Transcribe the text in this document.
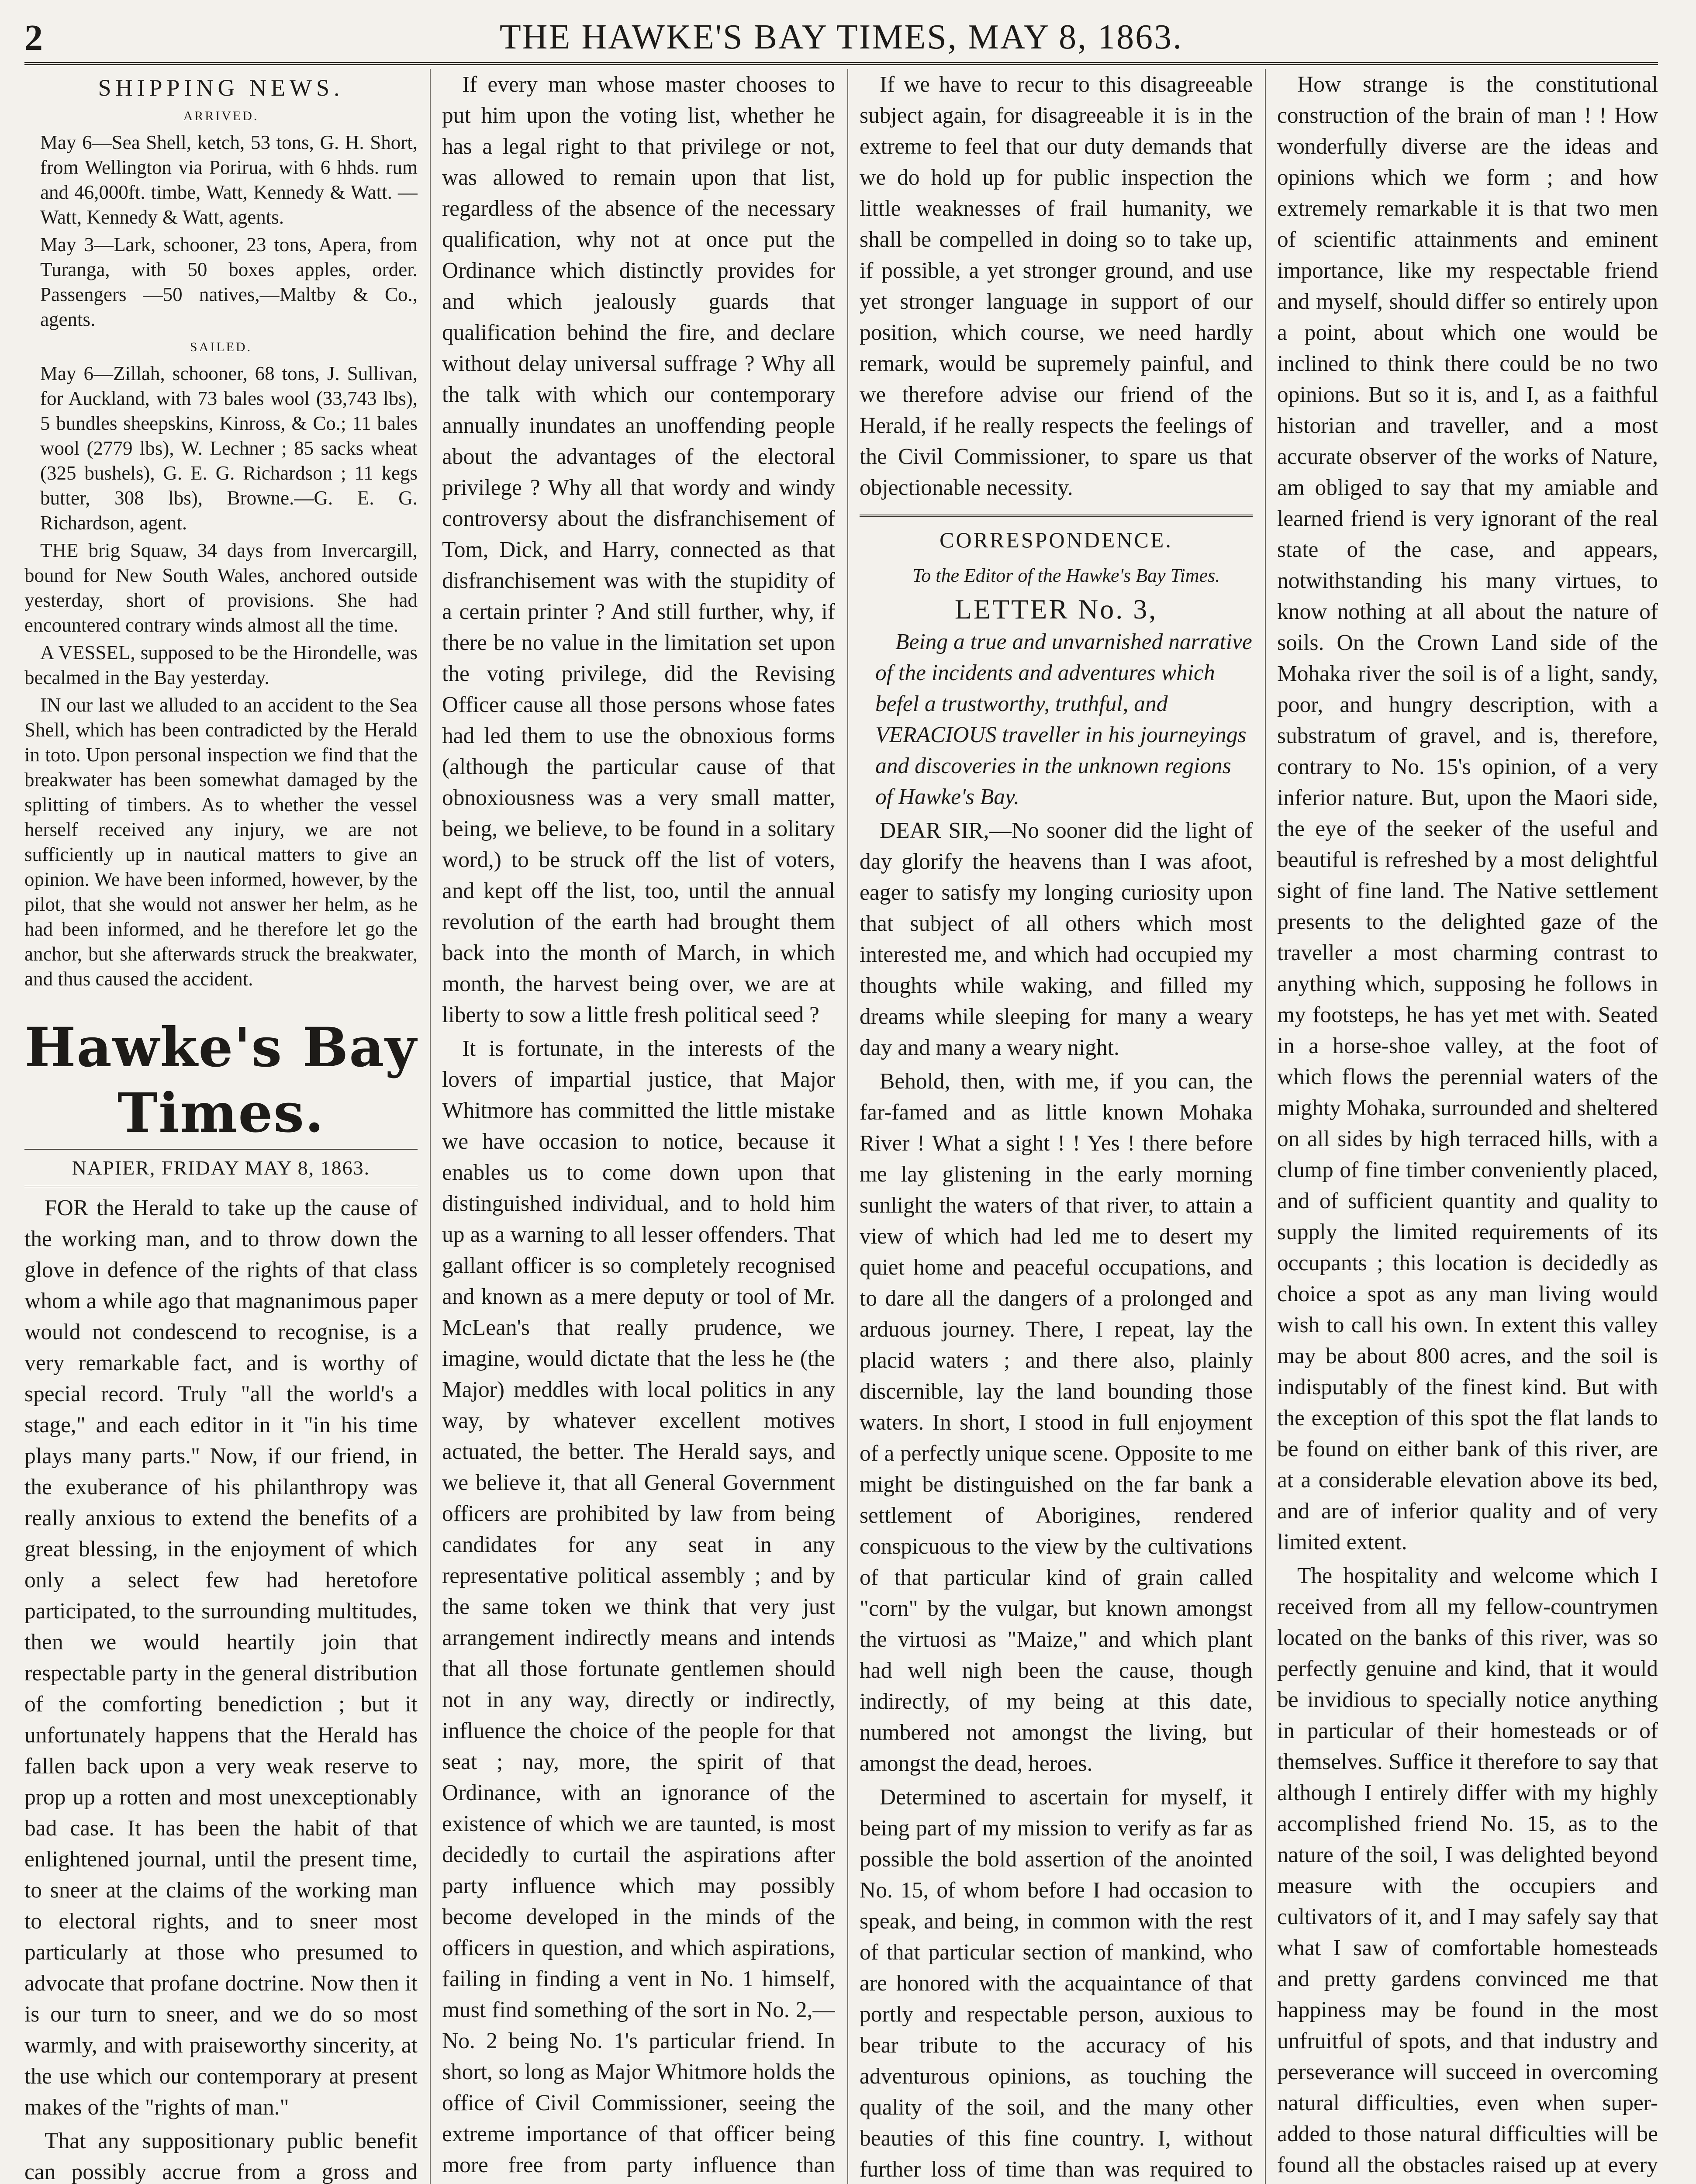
2	THE HAWKE'S BAY TIMES, MAY 8, 1863.
SHIPPING NEWS.
ARRIVED.

May 6—Sea Shell, ketch, 53 tons, G. H. Short, from Wellington via Porirua, with 6 hhds. rum and 46,000ft. timbe, Watt, Kennedy & Watt. —Watt, Kennedy & Watt, agents.

May 3—Lark, schooner, 23 tons, Apera, from Turanga, with 50 boxes apples, order. Passengers —50 natives,—Maltby & Co., agents.

SAILED.

May 6—Zillah, schooner, 68 tons, J. Sullivan, for Auckland, with 73 bales wool (33,743 lbs), 5 bundles sheepskins, Kinross, & Co.; 11 bales wool (2779 lbs), W. Lechner ; 85 sacks wheat (325 bushels), G. E. G. Richardson ; 11 kegs butter, 308 lbs), Browne.—G. E. G. Richardson, agent.

THE brig Squaw, 34 days from Invercargill, bound for New South Wales, anchored outside yesterday, short of provisions. She had encountered contrary winds almost all the time.

A VESSEL, supposed to be the Hirondelle, was becalmed in the Bay yesterday.

IN our last we alluded to an accident to the Sea Shell, which has been contradicted by the Herald in toto. Upon personal inspection we find that the breakwater has been somewhat damaged by the splitting of timbers. As to whether the vessel herself received any injury, we are not sufficiently up in nautical matters to give an opinion. We have been informed, however, by the pilot, that she would not answer her helm, as he had been informed, and he therefore let go the anchor, but she afterwards struck the breakwater, and thus caused the accident.

Hawke's Bay Times.
NAPIER, FRIDAY MAY 8, 1863.

FOR the Herald to take up the cause of the working man, and to throw down the glove in defence of the rights of that class whom a while ago that magnanimous paper would not condescend to recognise, is a very remarkable fact, and is worthy of special record. Truly "all the world's a stage," and each editor in it "in his time plays many parts." Now, if our friend, in the exuberance of his philanthropy was really anxious to extend the benefits of a great blessing, in the enjoyment of which only a select few had heretofore participated, to the surrounding multitudes, then we would heartily join that respectable party in the general distribution of the comforting benediction ; but it unfortunately happens that the Herald has fallen back upon a very weak reserve to prop up a rotten and most unexceptionably bad case. It has been the habit of that enlightened journal, until the present time, to sneer at the claims of the working man to electoral rights, and to sneer most particularly at those who presumed to advocate that profane doctrine. Now then it is our turn to sneer, and we do so most warmly, and with praiseworthy sincerity, at the use which our contemporary at present makes of the "rights of man."

That any suppositionary public benefit can possibly accrue from a gross and

If every man whose master chooses to put him upon the voting list, whether he has a legal right to that privilege or not, was allowed to remain upon that list, regardless of the absence of the necessary qualification, why not at once put the Ordinance which distinctly provides for and which jealously guards that qualification behind the fire, and declare without delay universal suffrage ? Why all the talk with which our contemporary annually inundates an unoffending people about the advantages of the electoral privilege ? Why all that wordy and windy controversy about the disfranchisement of Tom, Dick, and Harry, connected as that disfranchisement was with the stupidity of a certain printer ? And still further, why, if there be no value in the limitation set upon the voting privilege, did the Revising Officer cause all those persons whose fates had led them to use the obnoxious forms (although the particular cause of that obnoxiousness was a very small matter, being, we believe, to be found in a solitary word,) to be struck off the list of voters, and kept off the list, too, until the annual revolution of the earth had brought them back into the month of March, in which month, the harvest being over, we are at liberty to sow a little fresh political seed ?

It is fortunate, in the interests of the lovers of impartial justice, that Major Whitmore has committed the little mistake we have occasion to notice, because it enables us to come down upon that distinguished individual, and to hold him up as a warning to all lesser offenders. That gallant officer is so completely recognised and known as a mere deputy or tool of Mr. McLean's that really prudence, we imagine, would dictate that the less he (the Major) meddles with local politics in any way, by whatever excellent motives actuated, the better. The Herald says, and we believe it, that all General Government officers are prohibited by law from being candidates for any seat in any representative political assembly ; and by the same token we think that very just arrangement indirectly means and intends that all those fortunate gentlemen should not in any way, directly or indirectly, influence the choice of the people for that seat ; nay, more, the spirit of that Ordinance, with an ignorance of the existence of which we are taunted, is most decidedly to curtail the aspirations after party influence which may possibly become developed in the minds of the officers in question, and which aspirations, failing in finding a vent in No. 1 himself, must find something of the sort in No. 2,—No. 2 being No. 1's particular friend. In short, so long as Major Whitmore holds the office of Civil Commissioner, seeing the extreme importance of that officer being more free from party influence than

If we have to recur to this disagreeable subject again, for disagreeable it is in the extreme to feel that our duty demands that we do hold up for public inspection the little weaknesses of frail humanity, we shall be compelled in doing so to take up, if possible, a yet stronger ground, and use yet stronger language in support of our position, which course, we need hardly remark, would be supremely painful, and we therefore advise our friend of the Herald, if he really respects the feelings of the Civil Commissioner, to spare us that objectionable necessity.

CORRESPONDENCE.

To the Editor of the Hawke's Bay Times.

LETTER No. 3,

Being a true and unvarnished narrative of the incidents and adventures which befel a trustworthy, truthful, and VERACIOUS traveller in his journeyings and discoveries in the unknown regions of Hawke's Bay.

DEAR SIR,—No sooner did the light of day glorify the heavens than I was afoot, eager to satisfy my longing curiosity upon that subject of all others which most interested me, and which had occupied my thoughts while waking, and filled my dreams while sleeping for many a weary day and many a weary night.

Behold, then, with me, if you can, the far-famed and as little known Mohaka River ! What a sight ! ! Yes ! there before me lay glistening in the early morning sunlight the waters of that river, to attain a view of which had led me to desert my quiet home and peaceful occupations, and to dare all the dangers of a prolonged and arduous journey. There, I repeat, lay the placid waters ; and there also, plainly discernible, lay the land bounding those waters. In short, I stood in full enjoyment of a perfectly unique scene. Opposite to me might be distinguished on the far bank a settlement of Aborigines, rendered conspicuous to the view by the cultivations of that particular kind of grain called "corn" by the vulgar, but known amongst the virtuosi as "Maize," and which plant had well nigh been the cause, though indirectly, of my being at this date, numbered not amongst the living, but amongst the dead, heroes.

Determined to ascertain for myself, it being part of my mission to verify as far as possible the bold assertion of the anointed No. 15, of whom before I had occasion to speak, and being, in common with the rest of that particular section of mankind, who are honored with the acquaintance of that portly and respectable person, auxious to bear tribute to the accuracy of his adventurous opinions, as touching the quality of the soil, and the many other beauties of this fine country. I, without further loss of time than was required to

How strange is the constitutional construction of the brain of man ! ! How wonderfully diverse are the ideas and opinions which we form ; and how extremely remarkable it is that two men of scientific attainments and eminent importance, like my respectable friend and myself, should differ so entirely upon a point, about which one would be inclined to think there could be no two opinions. But so it is, and I, as a faithful historian and traveller, and a most accurate observer of the works of Nature, am obliged to say that my amiable and learned friend is very ignorant of the real state of the case, and appears, notwithstanding his many virtues, to know nothing at all about the nature of soils. On the Crown Land side of the Mohaka river the soil is of a light, sandy, poor, and hungry description, with a substratum of gravel, and is, therefore, contrary to No. 15's opinion, of a very inferior nature. But, upon the Maori side, the eye of the seeker of the useful and beautiful is refreshed by a most delightful sight of fine land. The Native settlement presents to the delighted gaze of the traveller a most charming contrast to anything which, supposing he follows in my footsteps, he has yet met with. Seated in a horse-shoe valley, at the foot of which flows the perennial waters of the mighty Mohaka, surrounded and sheltered on all sides by high terraced hills, with a clump of fine timber conveniently placed, and of sufficient quantity and quality to supply the limited requirements of its occupants ; this location is decidedly as choice a spot as any man living would wish to call his own. In extent this valley may be about 800 acres, and the soil is indisputably of the finest kind. But with the exception of this spot the flat lands to be found on either bank of this river, are at a considerable elevation above its bed, and are of inferior quality and of very limited extent.

The hospitality and welcome which I received from all my fellow-countrymen located on the banks of this river, was so perfectly genuine and kind, that it would be invidious to specially notice anything in particular of their homesteads or of themselves. Suffice it therefore to say that although I entirely differ with my highly accomplished friend No. 15, as to the nature of the soil, I was delighted beyond measure with the occupiers and cultivators of it, and I may safely say that what I saw of comfortable homesteads and pretty gardens convinced me that happiness may be found in the most unfruitful of spots, and that industry and perseverance will succeed in overcoming natural difficulties, even when super-added to those natural difficulties will be found all the obstacles raised up at every
